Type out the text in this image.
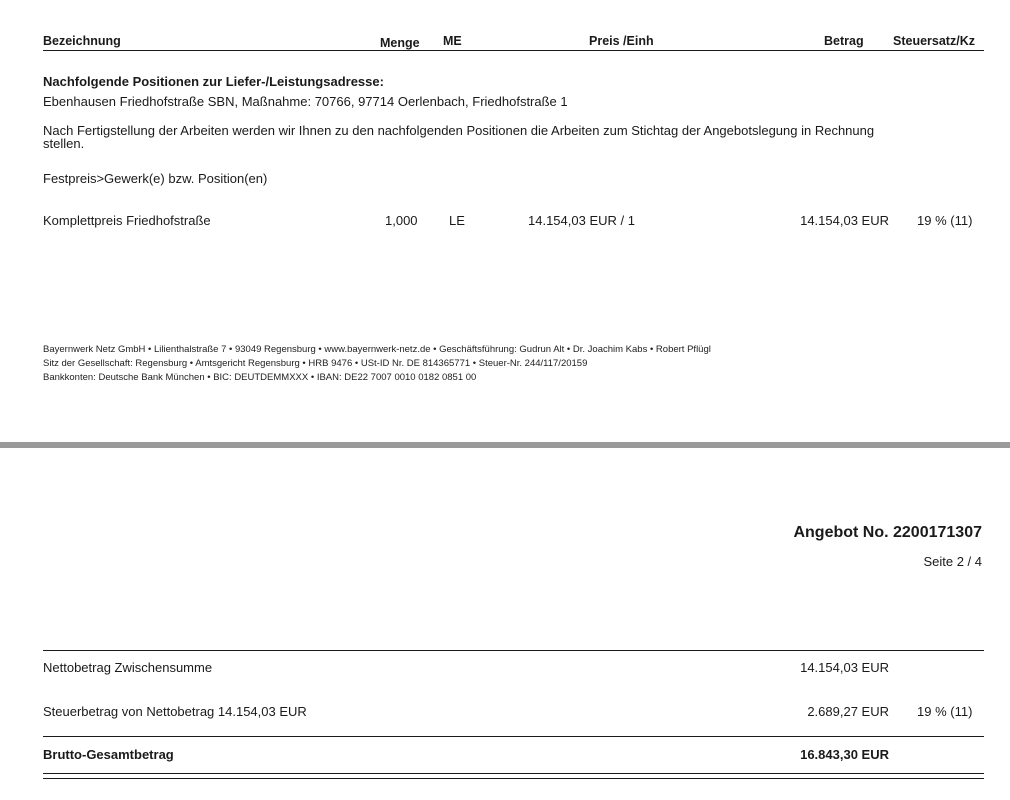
Bezeichnung	Menge ME	Preis /Einh	Betrag Steuersatz/Kz
Nachfolgende Positionen zur Liefer-/Leistungsadresse:
Ebenhausen Friedhofstraße SBN, Maßnahme: 70766, 97714 Oerlenbach, Friedhofstraße 1
Nach Fertigstellung der Arbeiten werden wir Ihnen zu den nachfolgenden Positionen die Arbeiten zum Stichtag der Angebotslegung in Rechnung
stellen.
Festpreis>Gewerk(e) bzw. Position(en)
Komplettpreis Friedhofstraße	1,000 LE	14.154,03 EUR / 1	14.154,03 EUR 19 % (11)
Bayernwerk Netz GmbH • Lilienthalstraße 7 • 93049 Regensburg • www.bayernwerk-netz.de • Geschäftsführung: Gudrun Alt • Dr. Joachim Kabs • Robert Pflügl
Sitz der Gesellschaft: Regensburg • Amtsgericht Regensburg • HRB 9476 • USt-ID Nr. DE 814365771 • Steuer-Nr. 244/117/20159
Bankkonten: Deutsche Bank München • BIC: DEUTDEMMXXX • IBAN: DE22 7007 0010 0182 0851 00
Angebot No. 2200171307
Seite 2 / 4
Nettobetrag Zwischensumme	14.154,03 EUR
Steuerbetrag von Nettobetrag 14.154,03 EUR	2.689,27 EUR 19 % (11)
Brutto-Gesamtbetrag	16.843,30 EUR
